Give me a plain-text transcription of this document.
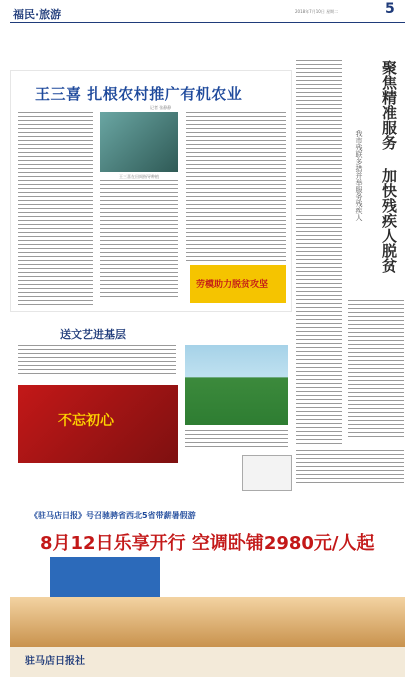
福民·旅游	2018年7月10日 星期二	5
王三喜 扎根农村推广有机农业
记者 张静静
王三喜在田间指导种植
劳模助力脱贫攻坚
聚焦精准服务 加快残疾人脱贫
我市残联多措并举服务残疾人
送文艺进基层
不忘初心
《驻马店日报》号召驰骋省西北5省带薪暑假游
8月12日乐享开行 空调卧铺2980元/人起
驻马店日报社
